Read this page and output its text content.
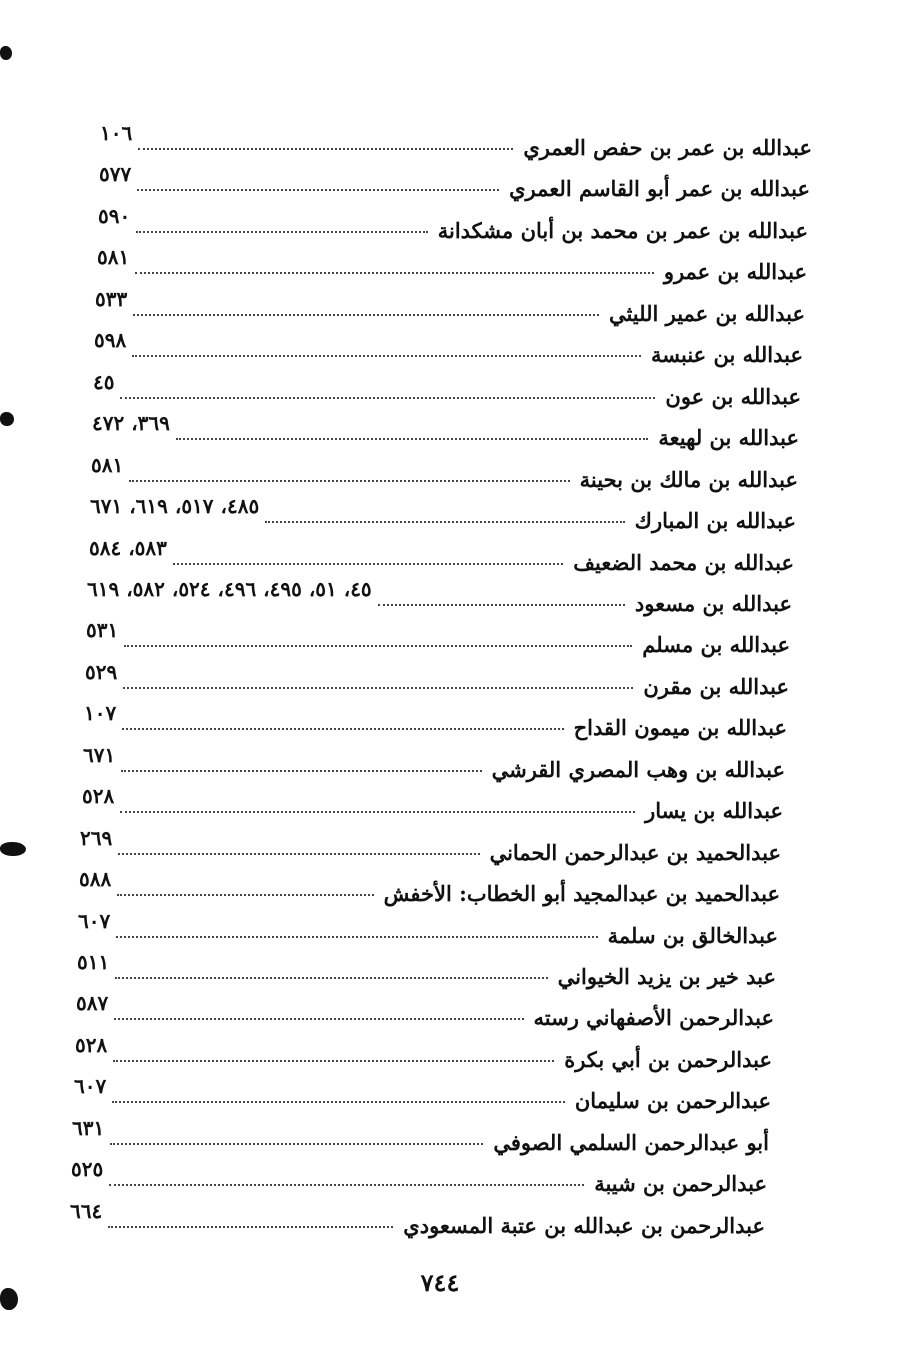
عبدالله بن عمر بن حفص العمري
١٠٦
عبدالله بن عمر أبو القاسم العمري
٥٧٧
عبدالله بن عمر بن محمد بن أبان مشكدانة
٥٩٠
عبدالله بن عمرو
٥٨١
عبدالله بن عمير الليثي
٥٣٣
عبدالله بن عنبسة
٥٩٨
عبدالله بن عون
٤٥
عبدالله بن لهيعة
٣٦٩، ٤٧٢
عبدالله بن مالك بن بحينة
٥٨١
عبدالله بن المبارك
٤٨٥، ٥١٧، ٦١٩، ٦٧١
عبدالله بن محمد الضعيف
٥٨٣، ٥٨٤
عبدالله بن مسعود
٤٥، ٥١، ٤٩٥، ٤٩٦، ٥٢٤، ٥٨٢، ٦١٩
عبدالله بن مسلم
٥٣١
عبدالله بن مقرن
٥٢٩
عبدالله بن ميمون القداح
١٠٧
عبدالله بن وهب المصري القرشي
٦٧١
عبدالله بن يسار
٥٢٨
عبدالحميد بن عبدالرحمن الحماني
٢٦٩
عبدالحميد بن عبدالمجيد أبو الخطاب: الأخفش
٥٨٨
عبدالخالق بن سلمة
٦٠٧
عبد خير بن يزيد الخيواني
٥١١
عبدالرحمن الأصفهاني رسته
٥٨٧
عبدالرحمن بن أبي بكرة
٥٢٨
عبدالرحمن بن سليمان
٦٠٧
أبو عبدالرحمن السلمي الصوفي
٦٣١
عبدالرحمن بن شيبة
٥٢٥
عبدالرحمن بن عبدالله بن عتبة المسعودي
٦٦٤
٧٤٤
